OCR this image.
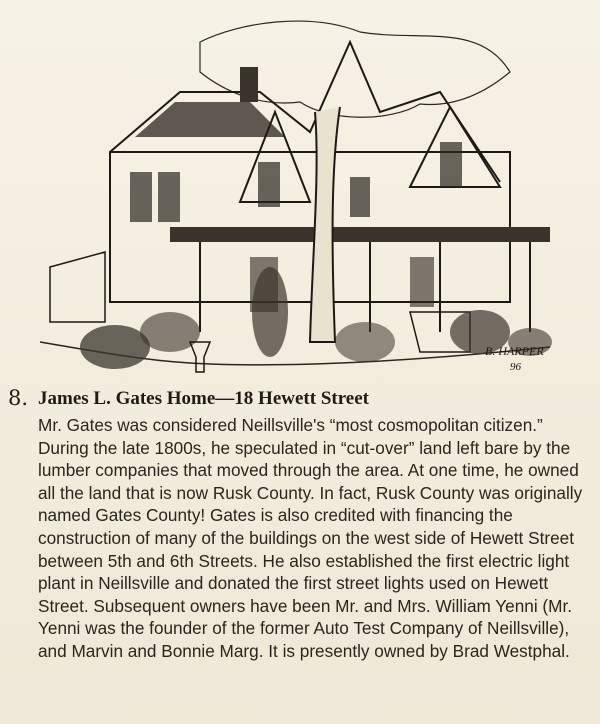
B. HARPER
96
8. James L. Gates Home—18 Hewett Street
Mr. Gates was considered Neillsville's “most cosmopolitan citizen.” During the late 1800s, he speculated in “cut-over” land left bare by the lumber companies that moved through the area. At one time, he owned all the land that is now Rusk County. In fact, Rusk County was originally named Gates County! Gates is also credited with financing the construction of many of the buildings on the west side of Hewett Street between 5th and 6th Streets. He also established the first electric light plant in Neillsville and donated the first street lights used on Hewett Street. Subsequent owners have been Mr. and Mrs. William Yenni (Mr. Yenni was the founder of the former Auto Test Company of Neillsville), and Marvin and Bonnie Marg. It is presently owned by Brad Westphal.
